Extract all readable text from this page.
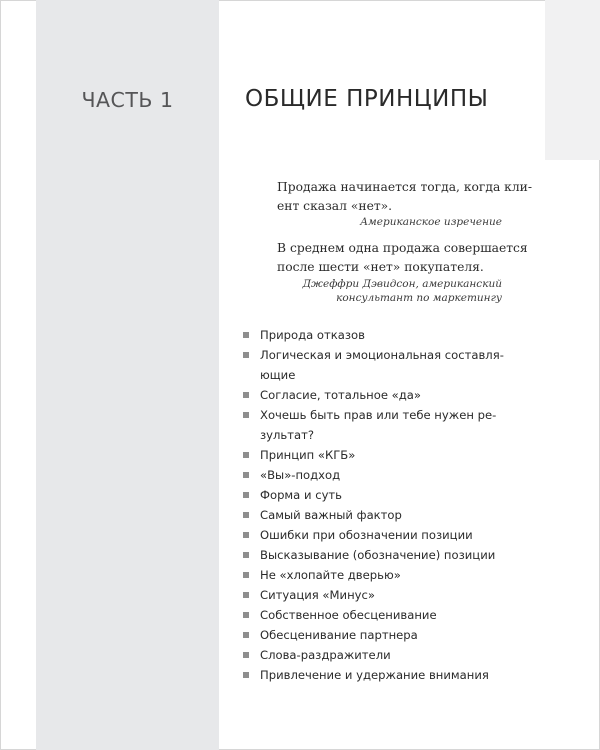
ЧАСТЬ 1	ОБЩИЕ ПРИНЦИПЫ
Продажа начинается тогда, когда кли-
ент сказал «нет».
Американское изречение
В среднем одна продажа совершается
после шести «нет» покупателя.
Джеффри Дэвидсон, американский
консультант по маркетингу
Природа отказов
Логическая и эмоциональная составля-
ющие
Согласие, тотальное «да»
Хочешь быть прав или тебе нужен ре-
зультат?
Принцип «КГБ»
«Вы»-подход
Форма и суть
Самый важный фактор
Ошибки при обозначении позиции
Высказывание (обозначение) позиции
Не «хлопайте дверью»
Ситуация «Минус»
Собственное обесценивание
Обесценивание партнера
Слова-раздражители
Привлечение и удержание внимания
